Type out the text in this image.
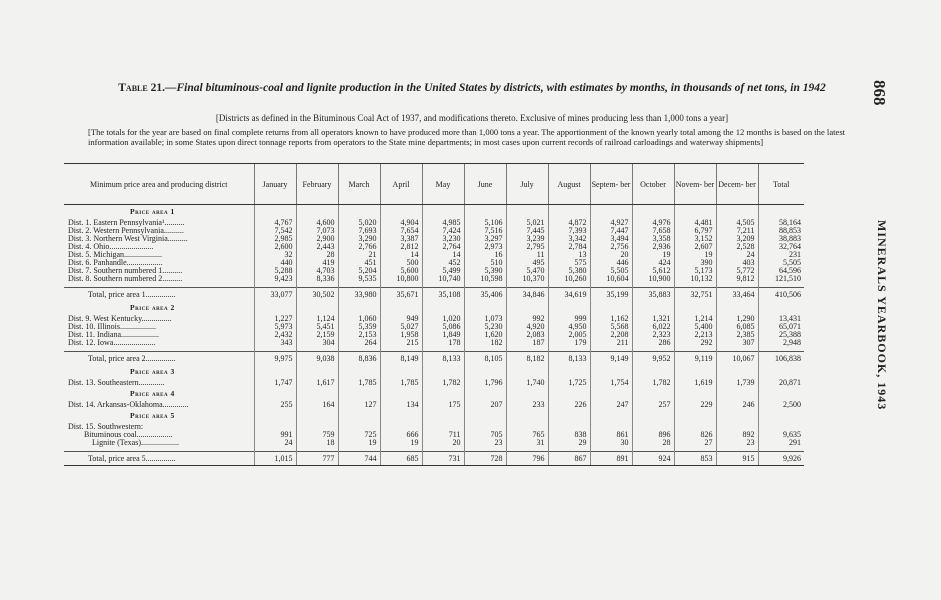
868
MINERALS YEARBOOK, 1943
Table 21.—Final bituminous-coal and lignite production in the United States by districts, with estimates by months, in thousands of net tons, in 1942
[Districts as defined in the Bituminous Coal Act of 1937, and modifications thereto. Exclusive of mines producing less than 1,000 tons a year]
[The totals for the year are based on final complete returns from all operators known to have produced more than 1,000 tons a year. The apportionment of the known yearly total among the 12 months is based on the latest information available; in some States upon direct tonnage reports from operators to the State mine departments; in most cases upon current records of railroad carloadings and waterway shipments]
Minimum price area and producing district	January	February	March	April	May	June	July	August	Septem- ber	October	Novem- ber	Decem- ber	Total
Price area 1													
Dist. 1. Eastern Pennsylvania¹..........	4,767	4,600	5,020	4,904	4,985	5,106	5,021	4,872	4,927	4,976	4,481	4,505	58,164
Dist. 2. Western Pennsylvania..........	7,542	7,073	7,693	7,654	7,424	7,516	7,445	7,393	7,447	7,658	6,797	7,211	88,853
Dist. 3. Northern West Virginia..........	2,985	2,900	3,290	3,387	3,230	3,297	3,239	3,342	3,494	3,358	3,152	3,209	38,883
Dist. 4. Ohio......................	2,600	2,443	2,766	2,812	2,764	2,973	2,795	2,784	2,756	2,936	2,607	2,528	32,764
Dist. 5. Michigan...................	32	28	21	14	14	16	11	13	20	19	19	24	231
Dist. 6. Panhandle..................	440	419	451	500	452	510	495	575	446	424	390	403	5,505
Dist. 7. Southern numbered 1..........	5,288	4,703	5,204	5,600	5,499	5,390	5,470	5,380	5,505	5,612	5,173	5,772	64,596
Dist. 8. Southern numbered 2..........	9,423	8,336	9,535	10,800	10,740	10,598	10,370	10,260	10,604	10,900	10,132	9,812	121,510

Total, price area 1...............	33,077	30,502	33,980	35,671	35,108	35,406	34,846	34,619	35,199	35,883	32,751	33,464	410,506
Price area 2													
Dist. 9. West Kentucky...............	1,227	1,124	1,060	949	1,020	1,073	992	999	1,162	1,321	1,214	1,290	13,431
Dist. 10. Illinois..................	5,973	5,451	5,359	5,027	5,086	5,230	4,920	4,950	5,568	6,022	5,400	6,085	65,071
Dist. 11. Indiana...................	2,432	2,159	2,153	1,958	1,849	1,620	2,083	2,005	2,208	2,323	2,213	2,385	25,388
Dist. 12. Iowa.....................	343	304	264	215	178	182	187	179	211	286	292	307	2,948

Total, price area 2...............	9,975	9,038	8,836	8,149	8,133	8,105	8,182	8,133	9,149	9,952	9,119	10,067	106,838
Price area 3													
Dist. 13. Southeastern.............	1,747	1,617	1,785	1,785	1,782	1,796	1,740	1,725	1,754	1,782	1,619	1,739	20,871
Price area 4													
Dist. 14. Arkansas-Oklahoma.............	255	164	127	134	175	207	233	226	247	257	229	246	2,500
Price area 5													
Dist. 15. Southwestern:													
Bituminous coal..................	991	759	725	666	711	705	765	838	861	896	826	892	9,635
Lignite (Texas)...................	24	18	19	19	20	23	31	29	30	28	27	23	291

Total, price area 5...............	1,015	777	744	685	731	728	796	867	891	924	853	915	9,926
